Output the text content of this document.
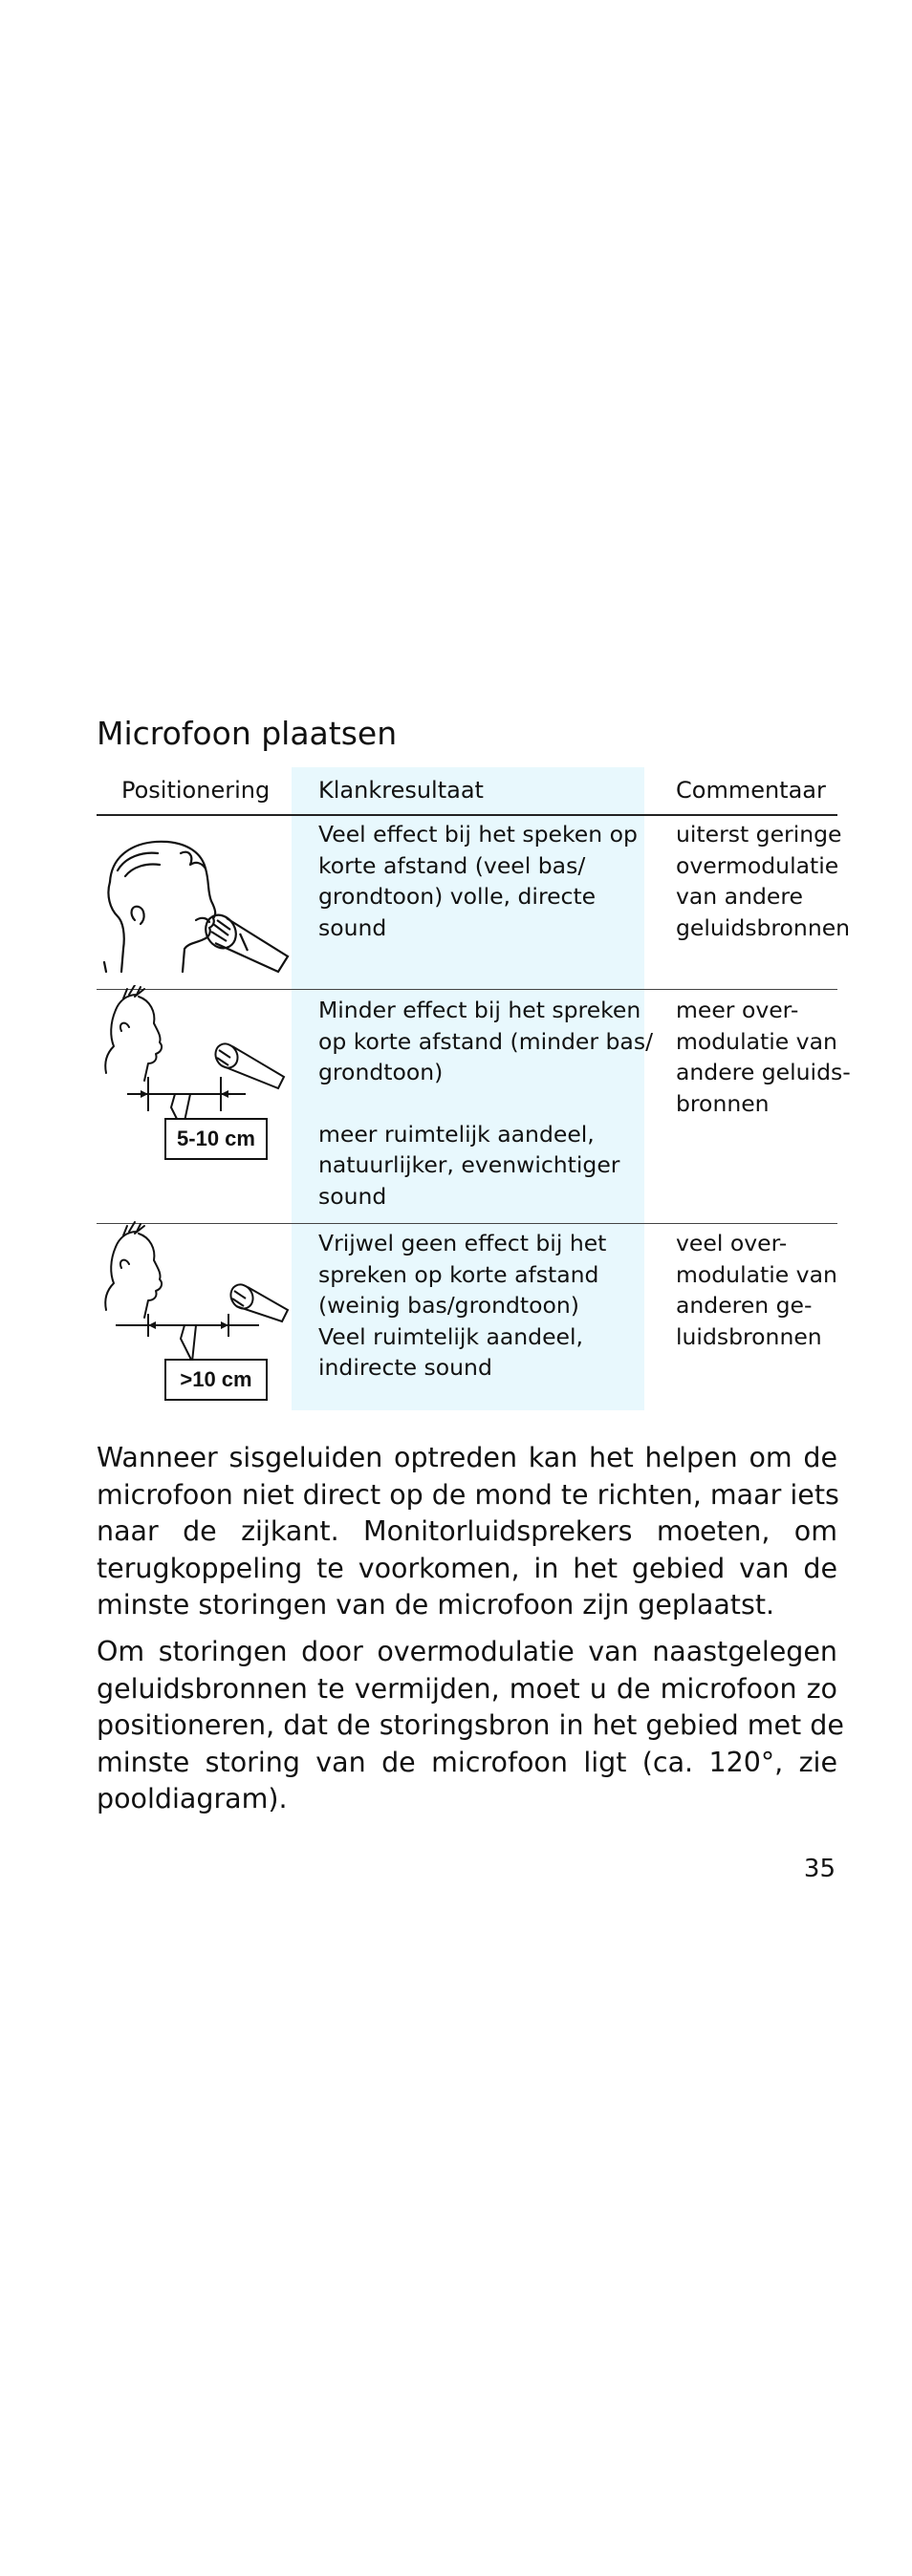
Microfoon plaatsen
Positionering Klankresultaat	Commentaar
Veel effect bij het speken op
korte afstand (veel bas/
grondtoon) volle, directe
sound
uiterst geringe
overmodulatie
van andere
geluidsbronnen
5-10 cm
Minder effect bij het spreken
op korte afstand (minder bas/
grondtoon)
meer ruimtelijk aandeel,
natuurlijker, evenwichtiger
sound
meer over-
modulatie van
andere geluids-
bronnen
>10 cm
Vrijwel geen effect bij het
spreken op korte afstand
(weinig bas/grondtoon)
Veel ruimtelijk aandeel,
indirecte sound
veel over-
modulatie van
anderen ge-
luidsbronnen
Wanneer sisgeluiden optreden kan het helpen om de
microfoon niet direct op de mond te richten, maar iets
naar de zijkant. Monitorluidsprekers moeten, om
terugkoppeling te voorkomen, in het gebied van de
minste storingen van de microfoon zijn geplaatst.
Om storingen door overmodulatie van naastgelegen
geluidsbronnen te vermijden, moet u de microfoon zo
positioneren, dat de storingsbron in het gebied met de
minste storing van de microfoon ligt (ca. 120°, zie
pooldiagram).
35
